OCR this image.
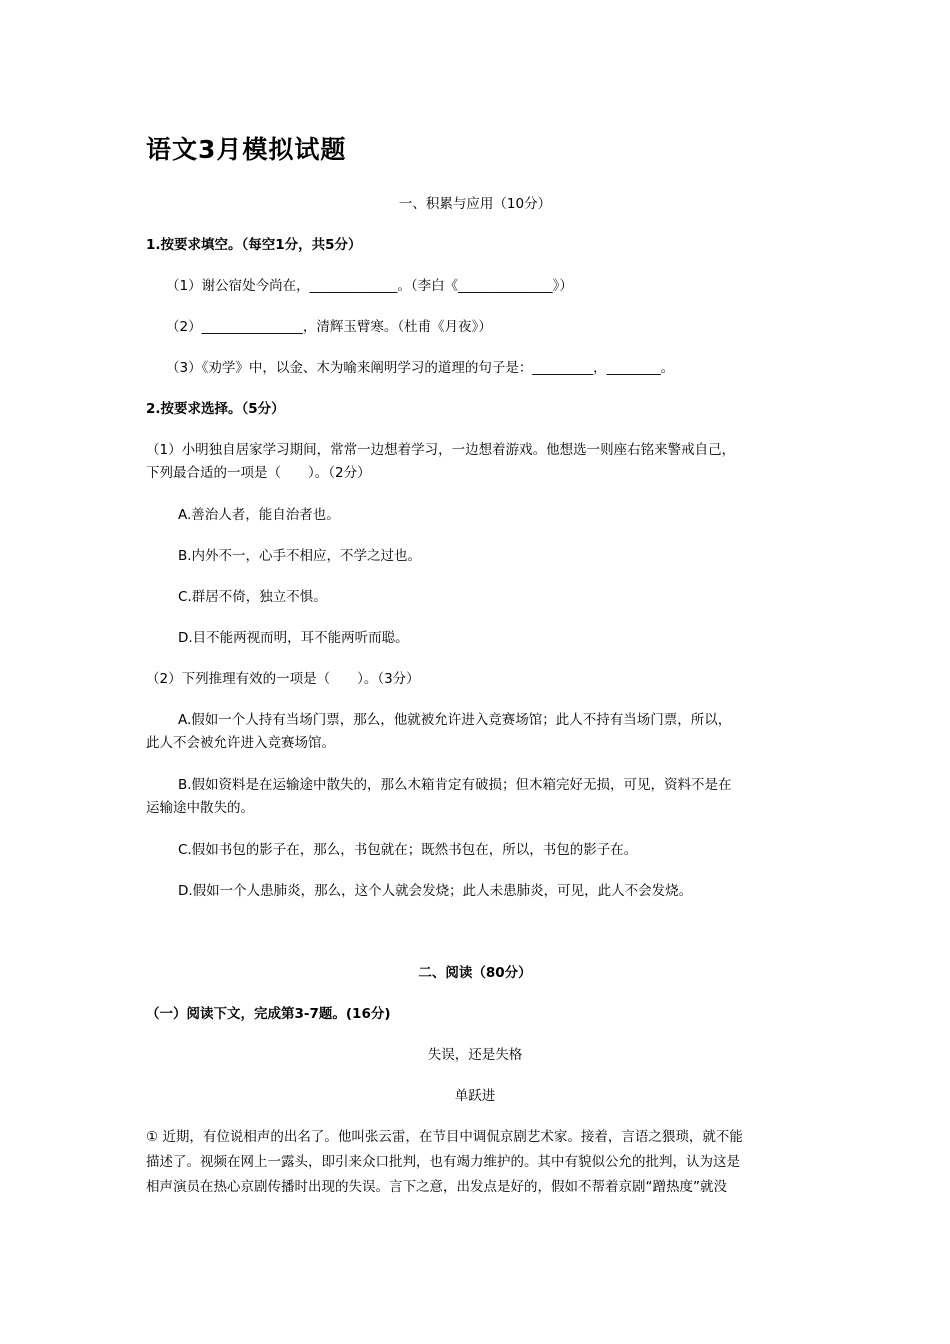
语文3月模拟试题
一、积累与应用（10分）
1.按要求填空。（每空1分，共5分）
（1）谢公宿处今尚在，_____________。（李白《______________》）
（2）_______________，清辉玉臂寒。（杜甫《月夜》）
（3）《劝学》中，以金、木为喻来阐明学习的道理的句子是：_________，________。
2.按要求选择。（5分）
（1）小明独自居家学习期间，常常一边想着学习，一边想着游戏。他想选一则座右铭来警戒自己，
下列最合适的一项是（　　）。（2分）
A.善治人者，能自治者也。
B.内外不一，心手不相应，不学之过也。
C.群居不倚，独立不惧。
D.目不能两视而明，耳不能两听而聪。
（2）下列推理有效的一项是（　　）。（3分）
A.假如一个人持有当场门票，那么，他就被允许进入竞赛场馆；此人不持有当场门票，所以，
此人不会被允许进入竞赛场馆。
B.假如资料是在运输途中散失的，那么木箱肯定有破损；但木箱完好无损，可见，资料不是在
运输途中散失的。
C.假如书包的影子在，那么，书包就在；既然书包在，所以，书包的影子在。
D.假如一个人患肺炎，那么，这个人就会发烧；此人未患肺炎，可见，此人不会发烧。
二、阅读（80分）
（一）阅读下文，完成第3-7题。(16分)
失误，还是失格
单跃进
① 近期，有位说相声的出名了。他叫张云雷，在节目中调侃京剧艺术家。接着，言语之猥琐，就不能
描述了。视频在网上一露头，即引来众口批判，也有竭力维护的。其中有貌似公允的批判，认为这是
相声演员在热心京剧传播时出现的失误。言下之意，出发点是好的，假如不帮着京剧“蹭热度”就没
